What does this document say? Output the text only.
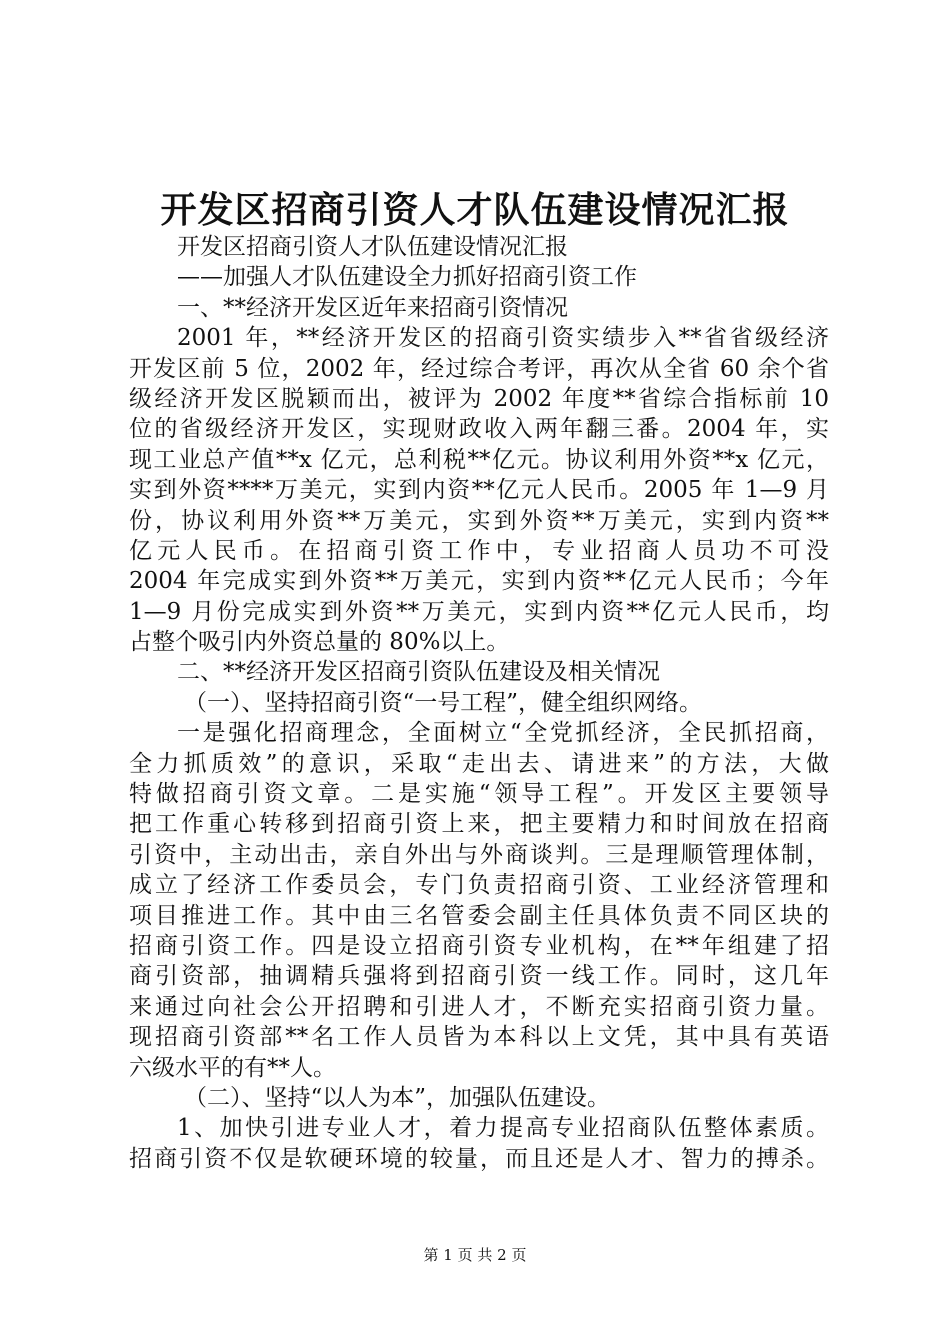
开发区招商引资人才队伍建设情况汇报
开发区招商引资人才队伍建设情况汇报
——加强人才队伍建设全力抓好招商引资工作
一、**经济开发区近年来招商引资情况
2001 年，**经济开发区的招商引资实绩步入**省省级经济
开发区前 5 位，2002 年，经过综合考评，再次从全省 60 余个省
级经济开发区脱颖而出，被评为 2002 年度**省综合指标前 10
位的省级经济开发区，实现财政收入两年翻三番。2004 年，实
现工业总产值**x 亿元，总利税**亿元。协议利用外资**x 亿元，
实到外资****万美元，实到内资**亿元人民币。2005 年 1—9 月
份，协议利用外资**万美元，实到外资**万美元，实到内资**
亿元人民币。在招商引资工作中，专业招商人员功不可没
2004 年完成实到外资**万美元，实到内资**亿元人民币；今年
1—9 月份完成实到外资**万美元，实到内资**亿元人民币，均
占整个吸引内外资总量的 80%以上。
二、**经济开发区招商引资队伍建设及相关情况
（一）、坚持招商引资“一号工程”，健全组织网络。
一是强化招商理念，全面树立“全党抓经济，全民抓招商，
全力抓质效”的意识，采取“走出去、请进来”的方法，大做
特做招商引资文章。二是实施“领导工程”。开发区主要领导
把工作重心转移到招商引资上来，把主要精力和时间放在招商
引资中，主动出击，亲自外出与外商谈判。三是理顺管理体制，
成立了经济工作委员会，专门负责招商引资、工业经济管理和
项目推进工作。其中由三名管委会副主任具体负责不同区块的
招商引资工作。四是设立招商引资专业机构，在**年组建了招
商引资部，抽调精兵强将到招商引资一线工作。同时，这几年
来通过向社会公开招聘和引进人才，不断充实招商引资力量。
现招商引资部**名工作人员皆为本科以上文凭，其中具有英语
六级水平的有**人。
（二）、坚持“以人为本”，加强队伍建设。
1、加快引进专业人才，着力提高专业招商队伍整体素质。
招商引资不仅是软硬环境的较量，而且还是人才、智力的搏杀。
第 1 页 共 2 页
